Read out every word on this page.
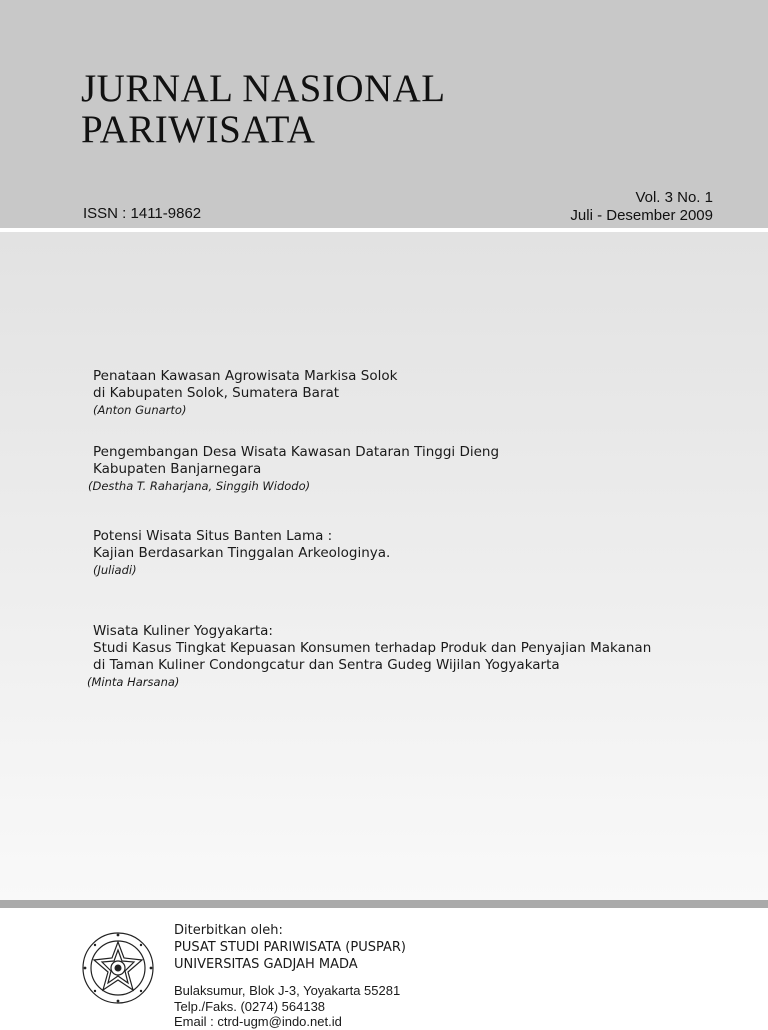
JURNAL NASIONAL
PARIWISATA
ISSN : 1411-9862
Vol. 3 No. 1
Juli - Desember 2009
Penataan Kawasan Agrowisata Markisa Solok
di Kabupaten Solok, Sumatera Barat
(Anton Gunarto)
Pengembangan Desa Wisata Kawasan Dataran Tinggi Dieng
Kabupaten Banjarnegara
(Destha T. Raharjana, Singgih Widodo)
Potensi Wisata Situs Banten Lama :
Kajian Berdasarkan Tinggalan Arkeologinya.
(Juliadi)
Wisata Kuliner Yogyakarta:
Studi Kasus Tingkat Kepuasan Konsumen terhadap Produk dan Penyajian Makanan
di Taman Kuliner Condongcatur dan Sentra Gudeg Wijilan Yogyakarta
(Minta Harsana)
Diterbitkan oleh:
PUSAT STUDI PARIWISATA (PUSPAR)
UNIVERSITAS GADJAH MADA
Bulaksumur, Blok J-3, Yoyakarta 55281
Telp./Faks. (0274) 564138
Email : ctrd-ugm@indo.net.id
